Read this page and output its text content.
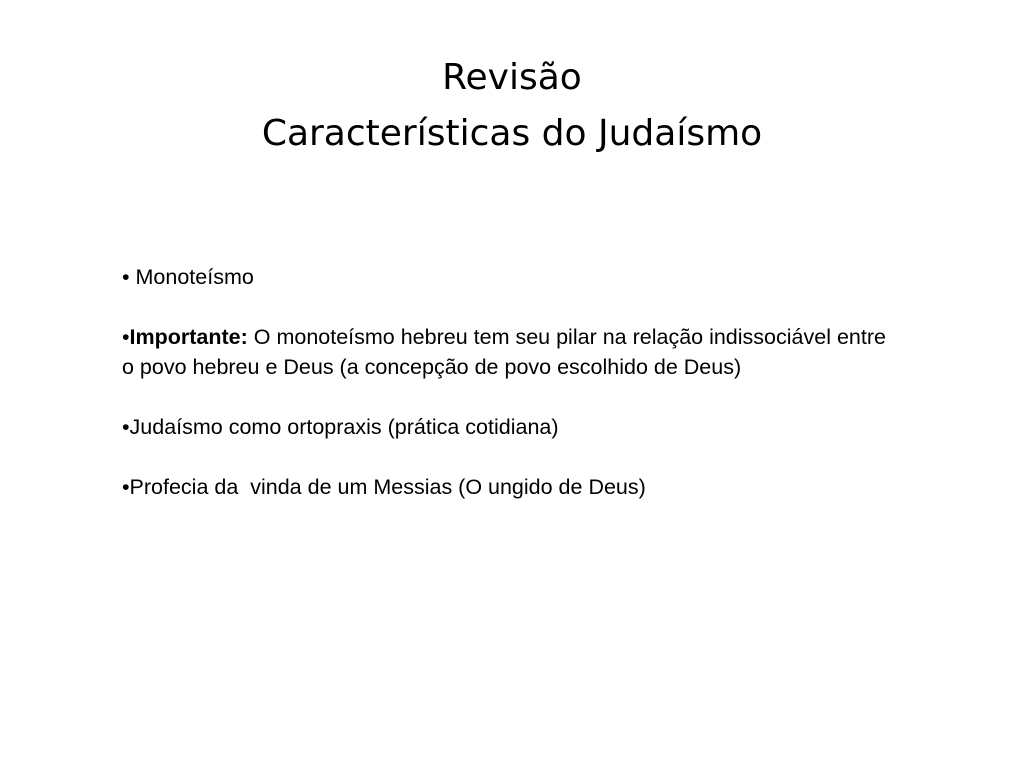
Revisão
Características do Judaísmo

• Monoteísmo

•Importante: O monoteísmo hebreu tem seu pilar na relação indissociável entre o povo hebreu e Deus (a concepção de povo escolhido de Deus)

•Judaísmo como ortopraxis (prática cotidiana)

•Profecia da  vinda de um Messias (O ungido de Deus)
